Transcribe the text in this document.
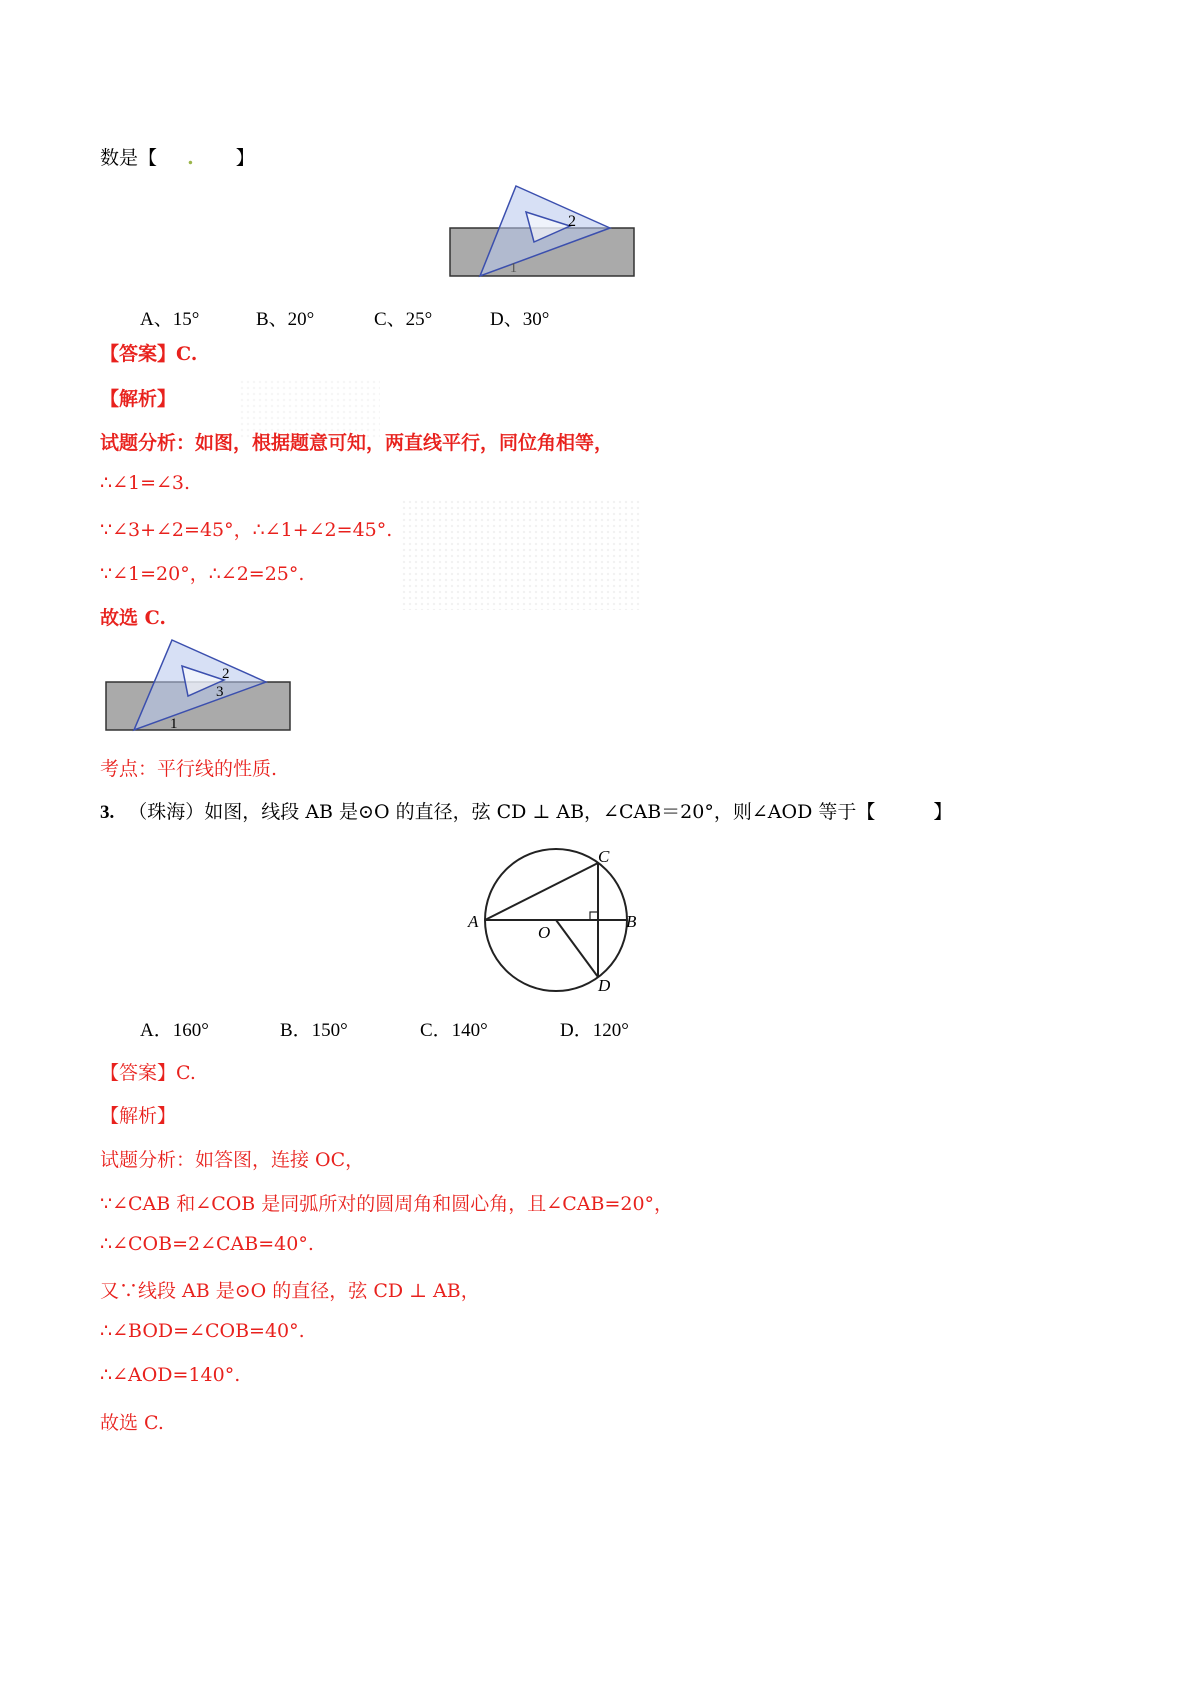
数是【 . 】
2
1
A、15°	B、20°	C、25°	D、30°
【答案】C.
【解析】
试题分析：如图，根据题意可知，两直线平行，同位角相等，
∴∠1=∠3.
∵∠3+∠2=45°，∴∠1+∠2=45°.
∵∠1=20°，∴∠2=25°.
故选 C.
2
3
1
考点：平行线的性质.
3. （珠海）如图，线段 AB 是⊙O 的直径，弦 CD ⊥ AB，∠CAB＝20°，则∠AOD 等于【	】
A	B
C
D
O
A．160°	B．150°	C．140°	D．120°
【答案】C.
【解析】
试题分析：如答图，连接 OC，
∵∠CAB 和∠COB 是同弧所对的圆周角和圆心角，且∠CAB=20°，
∴∠COB=2∠CAB=40°.
又∵线段 AB 是⊙O 的直径，弦 CD ⊥ AB，
∴∠BOD=∠COB=40°.
∴∠AOD=140°.
故选 C.
